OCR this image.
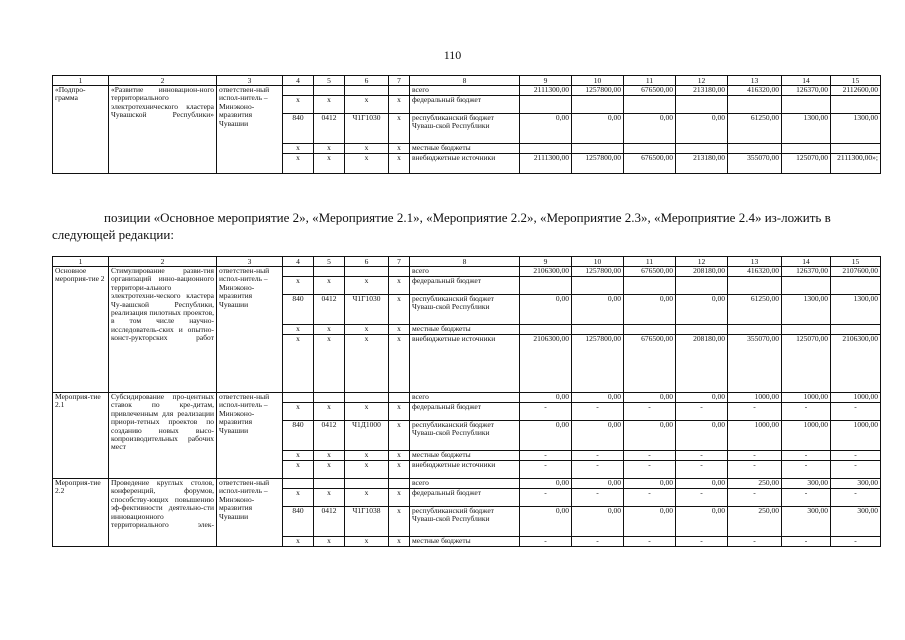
110
1	2	3	4	5	6	7	8	9	10	11	12	13	14	15
«Подпро-грамма	«Развитие инновацион-ного территориального электротехнического кластера Чувашской Республики»	ответствен-ный испол-нитель – Минэконо-мразвития Чувашии					всего	2111300,00	1257800,00	676500,00	213180,00	416320,00	126370,00	2112600,00
			x	x	x	x	федеральный бюджет							
			840	0412	Ч1Г1030	x	республиканский бюджет Чуваш-ской Республики	0,00	0,00	0,00	0,00	61250,00	1300,00	1300,00
			x	x	x	x	местные бюджеты							
			x	x	x	x	внебюджетные источники	2111300,00	1257800,00	676500,00	213180,00	355070,00	125070,00	2111300,00»;
позиции «Основное мероприятие 2», «Мероприятие 2.1», «Мероприятие 2.2», «Мероприятие 2.3», «Мероприятие 2.4» из-ложить в следующей редакции:
1	2	3	4	5	6	7	8	9	10	11	12	13	14	15
Основное мероприя-тие 2	Стимулирование разви-тия организаций инно-вационного территори-ального электротехни-ческого кластера Чу-вашской Республики, реализация пилотных проектов, в том числе научно-исследователь-ских и опытно-конст-рукторских работ	ответствен-ный испол-нитель – Минэконо-мразвития Чувашии					всего	2106300,00	1257800,00	676500,00	208180,00	416320,00	126370,00	2107600,00
			x	x	x	x	федеральный бюджет							
			840	0412	Ч1Г1030	x	республиканский бюджет Чуваш-ской Республики	0,00	0,00	0,00	0,00	61250,00	1300,00	1300,00
			x	x	x	x	местные бюджеты							
			x	x	x	x	внебюджетные источники	2106300,00	1257800,00	676500,00	208180,00	355070,00	125070,00	2106300,00
Мероприя-тие 2.1	Субсидирование про-центных ставок по кре-дитам, привлеченным для реализации приори-тетных проектов по созданию новых высо-копроизводительных рабочих мест	ответствен-ный испол-нитель – Минэконо-мразвития Чувашии					всего	0,00	0,00	0,00	0,00	1000,00	1000,00	1000,00
			x	x	x	x	федеральный бюджет	-	-	-	-	-	-	-
			840	0412	Ч1Д1000	x	республиканский бюджет Чуваш-ской Республики	0,00	0,00	0,00	0,00	1000,00	1000,00	1000,00
			x	x	x	x	местные бюджеты	-	-	-	-	-	-	-
			x	x	x	x	внебюджетные источники	-	-	-	-	-	-	-
Мероприя-тие 2.2	Проведение круглых столов, конференций, форумов, способству-ющих повышению эф-фективности деятельно-сти инновационного территориального элек-	ответствен-ный испол-нитель – Минэконо-мразвития Чувашии					всего	0,00	0,00	0,00	0,00	250,00	300,00	300,00
			x	x	x	x	федеральный бюджет	-	-	-	-	-	-	-
			840	0412	Ч1Г1038	x	республиканский бюджет Чуваш-ской Республики	0,00	0,00	0,00	0,00	250,00	300,00	300,00
			x	x	x	x	местные бюджеты	-	-	-	-	-	-	-
